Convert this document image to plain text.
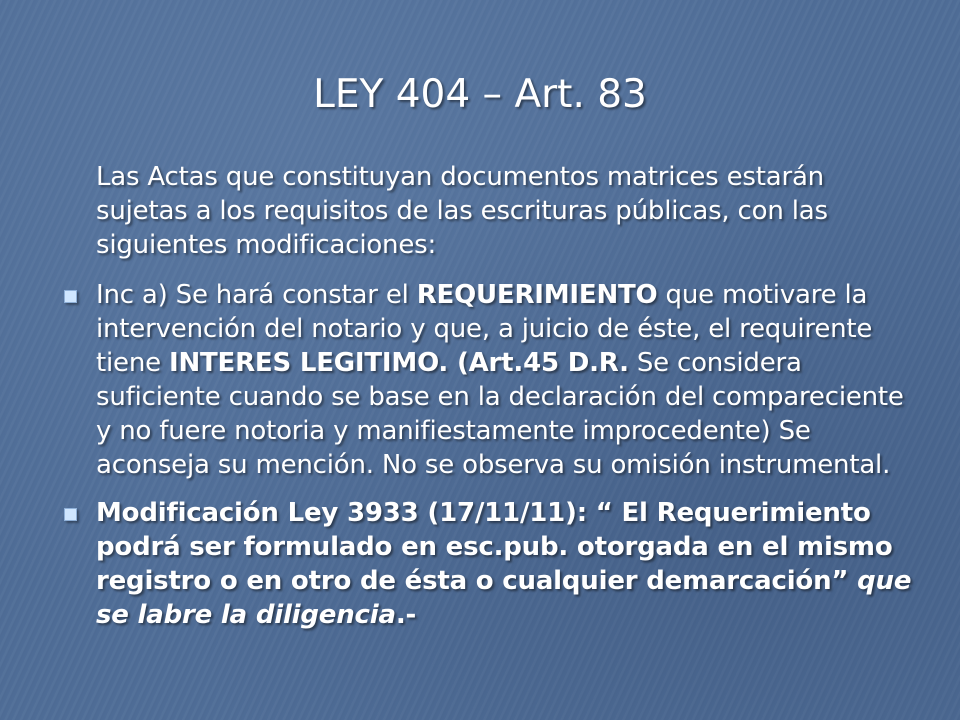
LEY 404 – Art. 83
Las Actas que constituyan documentos matrices estarán sujetas a los requisitos de las escrituras públicas, con las siguientes modificaciones:
Inc a) Se hará constar el REQUERIMIENTO que motivare la intervención del notario y que, a juicio de éste, el requirente tiene INTERES LEGITIMO. (Art.45 D.R. Se considera suficiente cuando se base en la declaración del compareciente y no fuere notoria y manifiestamente improcedente) Se aconseja su mención. No se observa su omisión instrumental.
Modificación Ley 3933 (17/11/11): “ El Requerimiento podrá ser formulado en esc.pub. otorgada en el mismo registro o en otro de ésta o cualquier demarcación” que se labre la diligencia.-
